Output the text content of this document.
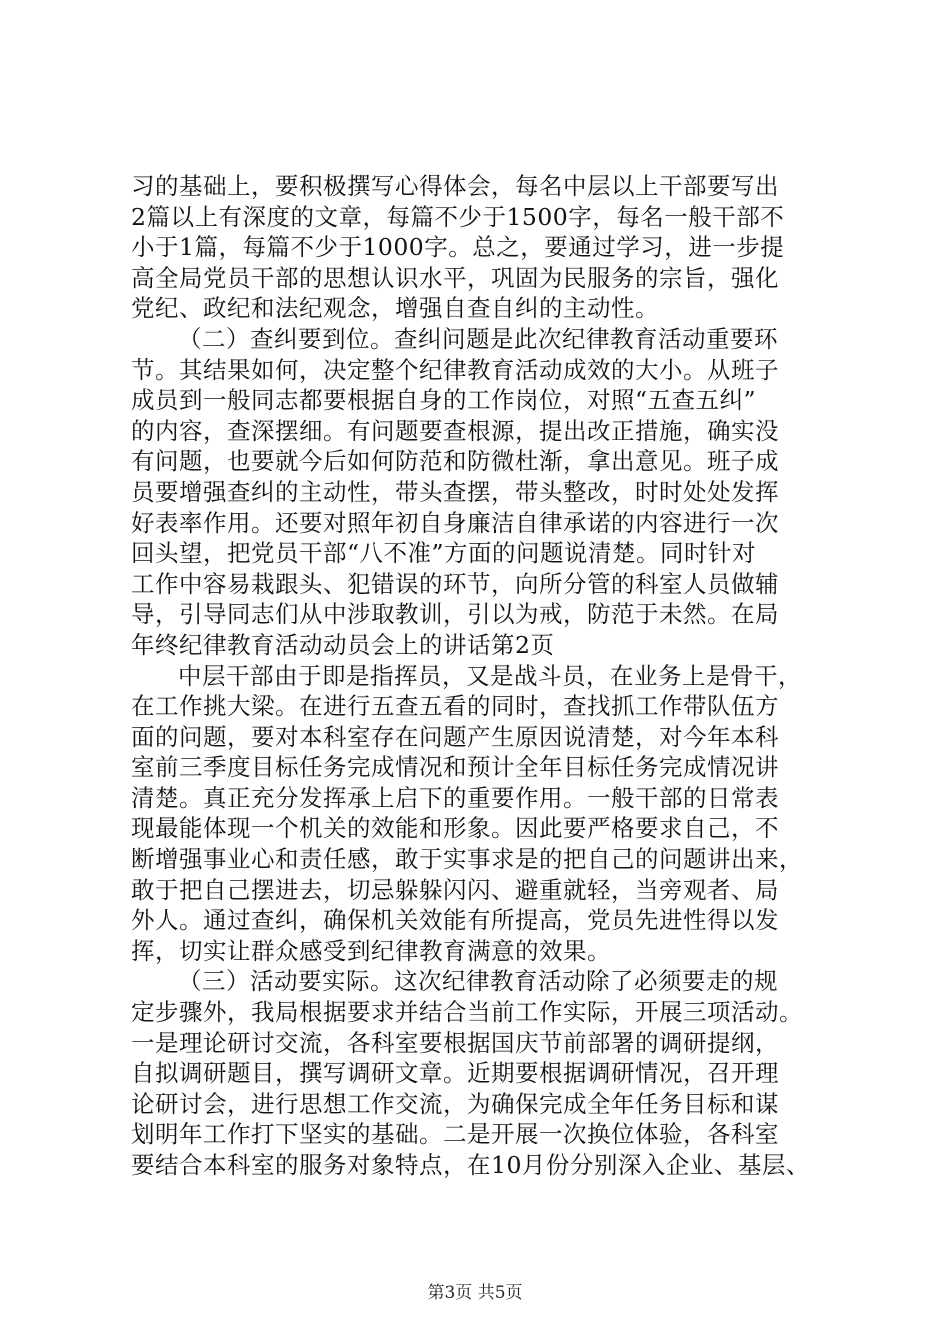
习的基础上，要积极撰写心得体会，每名中层以上干部要写出
2篇以上有深度的文章，每篇不少于1500字，每名一般干部不
小于1篇，每篇不少于1000字。总之，要通过学习，进一步提
高全局党员干部的思想认识水平，巩固为民服务的宗旨，强化
党纪、政纪和法纪观念，增强自查自纠的主动性。
（二）查纠要到位。查纠问题是此次纪律教育活动重要环
节。其结果如何，决定整个纪律教育活动成效的大小。从班子
成员到一般同志都要根据自身的工作岗位，对照“五查五纠”
的内容，查深摆细。有问题要查根源，提出改正措施，确实没
有问题，也要就今后如何防范和防微杜渐，拿出意见。班子成
员要增强查纠的主动性，带头查摆，带头整改，时时处处发挥
好表率作用。还要对照年初自身廉洁自律承诺的内容进行一次
回头望，把党员干部“八不准”方面的问题说清楚。同时针对
工作中容易栽跟头、犯错误的环节，向所分管的科室人员做辅
导，引导同志们从中涉取教训，引以为戒，防范于未然。在局
年终纪律教育活动动员会上的讲话第2页
中层干部由于即是指挥员，又是战斗员，在业务上是骨干，
在工作挑大梁。在进行五查五看的同时，查找抓工作带队伍方
面的问题，要对本科室存在问题产生原因说清楚，对今年本科
室前三季度目标任务完成情况和预计全年目标任务完成情况讲
清楚。真正充分发挥承上启下的重要作用。一般干部的日常表
现最能体现一个机关的效能和形象。因此要严格要求自己，不
断增强事业心和责任感，敢于实事求是的把自己的问题讲出来，
敢于把自己摆进去，切忌躲躲闪闪、避重就轻，当旁观者、局
外人。通过查纠，确保机关效能有所提高，党员先进性得以发
挥，切实让群众感受到纪律教育满意的效果。
（三）活动要实际。这次纪律教育活动除了必须要走的规
定步骤外，我局根据要求并结合当前工作实际，开展三项活动。
一是理论研讨交流，各科室要根据国庆节前部署的调研提纲，
自拟调研题目，撰写调研文章。近期要根据调研情况，召开理
论研讨会，进行思想工作交流，为确保完成全年任务目标和谋
划明年工作打下坚实的基础。二是开展一次换位体验，各科室
要结合本科室的服务对象特点，在10月份分别深入企业、基层、
第3页 共5页
